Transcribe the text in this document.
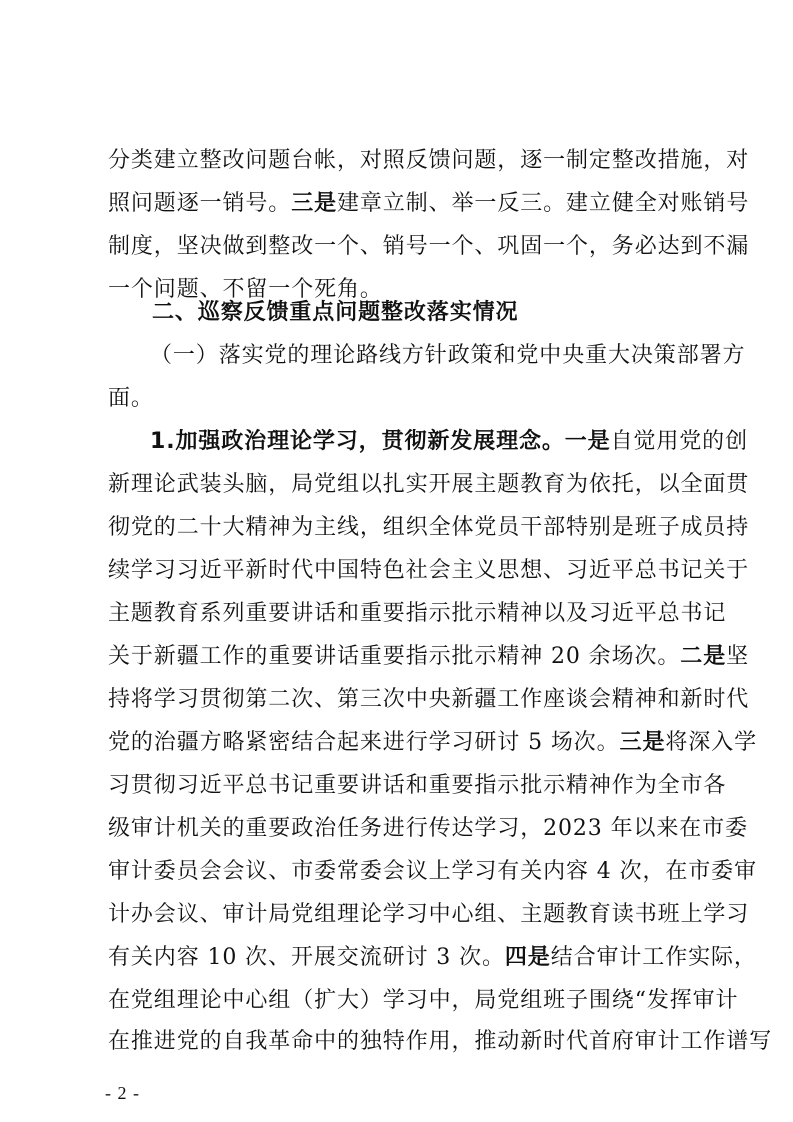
分类建立整改问题台帐，对照反馈问题，逐一制定整改措施，对
照问题逐一销号。三是建章立制、举一反三。建立健全对账销号
制度，坚决做到整改一个、销号一个、巩固一个，务必达到不漏
一个问题、不留一个死角。
二、巡察反馈重点问题整改落实情况
（一）落实党的理论路线方针政策和党中央重大决策部署方
面。
1.加强政治理论学习，贯彻新发展理念。一是自觉用党的创
新理论武装头脑，局党组以扎实开展主题教育为依托，以全面贯
彻党的二十大精神为主线，组织全体党员干部特别是班子成员持
续学习习近平新时代中国特色社会主义思想、习近平总书记关于
主题教育系列重要讲话和重要指示批示精神以及习近平总书记
关于新疆工作的重要讲话重要指示批示精神 20 余场次。二是坚
持将学习贯彻第二次、第三次中央新疆工作座谈会精神和新时代
党的治疆方略紧密结合起来进行学习研讨 5 场次。三是将深入学
习贯彻习近平总书记重要讲话和重要指示批示精神作为全市各
级审计机关的重要政治任务进行传达学习，2023 年以来在市委
审计委员会会议、市委常委会议上学习有关内容 4 次，在市委审
计办会议、审计局党组理论学习中心组、主题教育读书班上学习
有关内容 10 次、开展交流研讨 3 次。四是结合审计工作实际，
在党组理论中心组（扩大）学习中，局党组班子围绕“发挥审计
在推进党的自我革命中的独特作用，推动新时代首府审计工作谱写
- 2 -
